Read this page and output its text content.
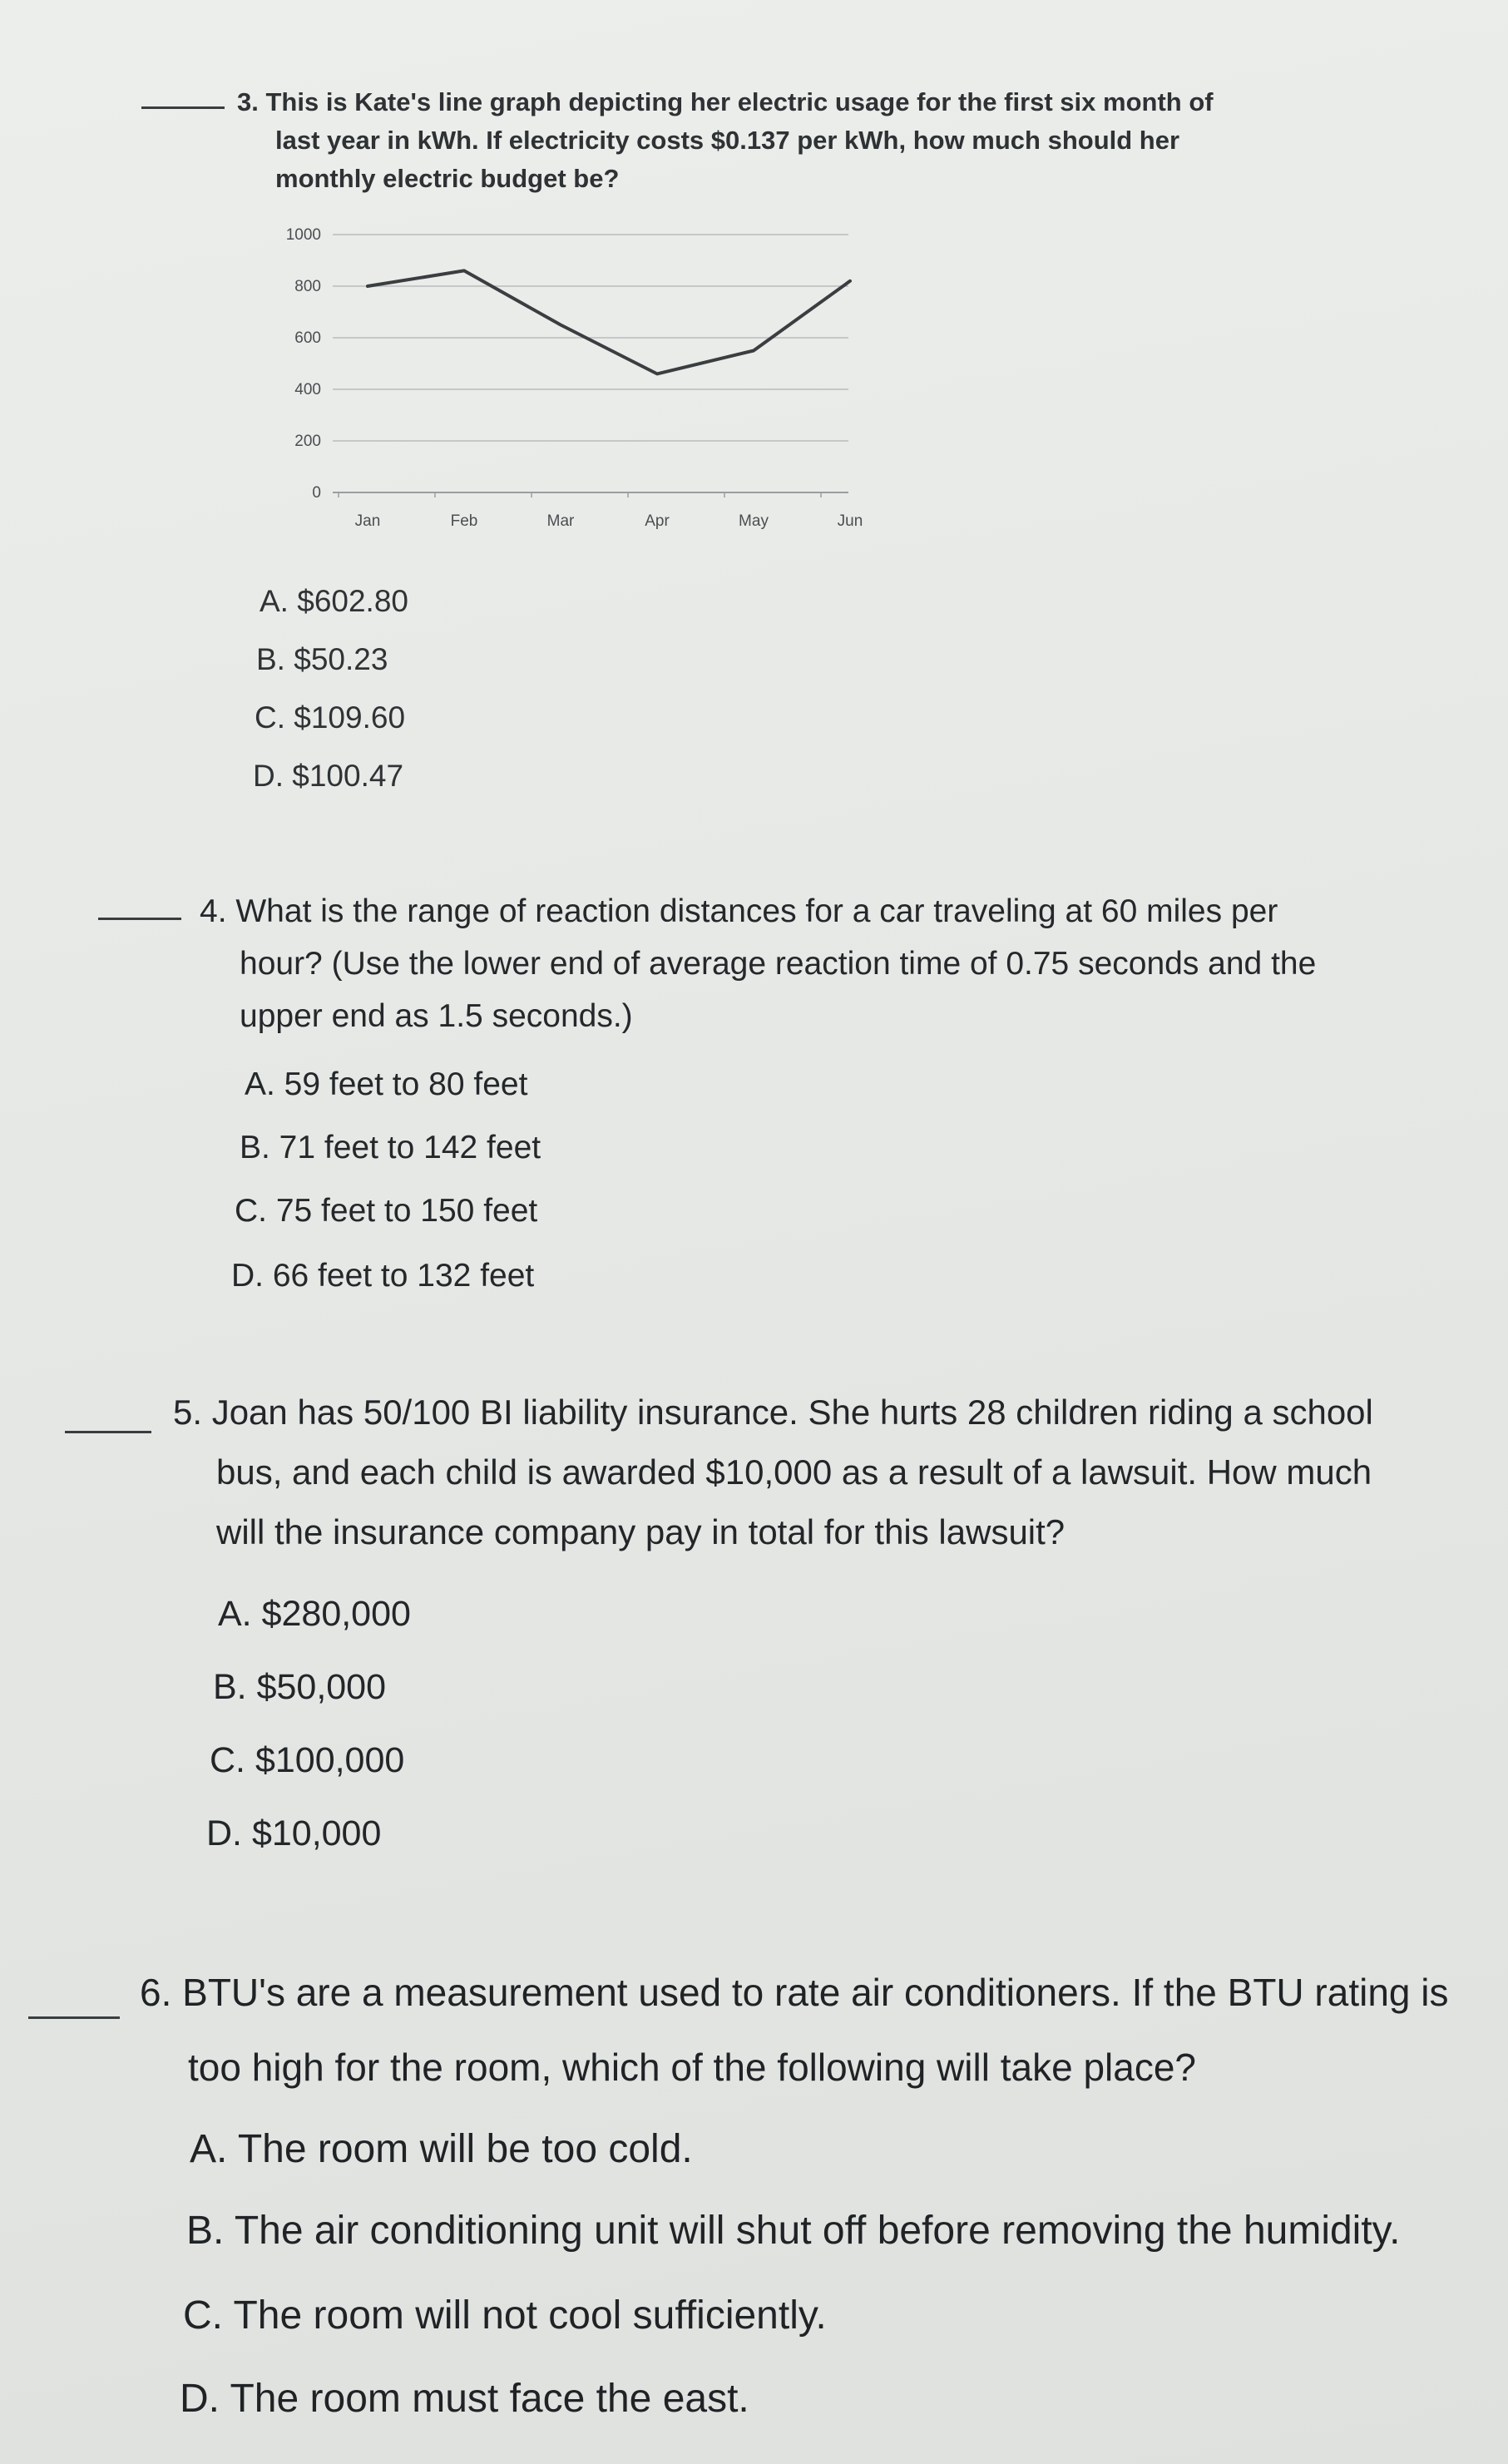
3. This is Kate's line graph depicting her electric usage for the first six month of
last year in kWh. If electricity costs $0.137 per kWh, how much should her
monthly electric budget be?
0
200
400
600
800
1000
Jan	Feb	Mar	Apr	May	Jun
A. $602.80
B. $50.23
C. $109.60
D. $100.47
4. What is the range of reaction distances for a car traveling at 60 miles per
hour? (Use the lower end of average reaction time of 0.75 seconds and the
upper end as 1.5 seconds.)
A. 59 feet to 80 feet
B. 71 feet to 142 feet
C. 75 feet to 150 feet
D. 66 feet to 132 feet
5. Joan has 50/100 BI liability insurance. She hurts 28 children riding a school
bus, and each child is awarded $10,000 as a result of a lawsuit. How much
will the insurance company pay in total for this lawsuit?
A. $280,000
B. $50,000
C. $100,000
D. $10,000
6. BTU's are a measurement used to rate air conditioners. If the BTU rating is
too high for the room, which of the following will take place?
A. The room will be too cold.
B. The air conditioning unit will shut off before removing the humidity.
C. The room will not cool sufficiently.
D. The room must face the east.
